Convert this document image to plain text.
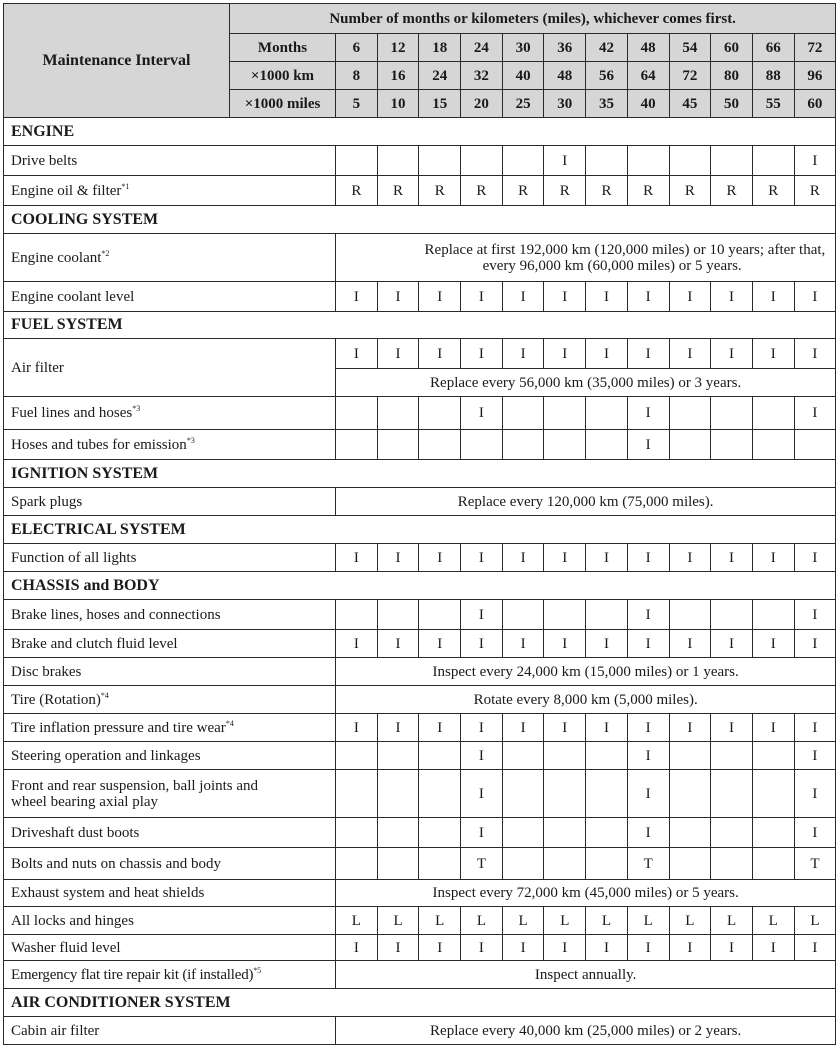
Maintenance Interval	Number of months or kilometers (miles), whichever comes first.												
	Months	6	12	18	24	30	36	42	48	54	60	66	72
	×1000 km	8	16	24	32	40	48	56	64	72	80	88	96
	×1000 miles	5	10	15	20	25	30	35	40	45	50	55	60
ENGINE													
Drive belts							I						I
Engine oil & filter$^{*1}$		R	R	R	R	R	R	R	R	R	R	R	R
COOLING SYSTEM													
Engine coolant$^{*2}$		Replace at first 192,000 km (120,000 miles) or 10 years; after that,
every 96,000 km (60,000 miles) or 5 years.											

Engine coolant level		I	I	I	I	I	I	I	I	I	I	I	I
FUEL SYSTEM													
Air filter		I	I	I	I	I	I	I	I	I	I	I	I
		Replace every 56,000 km (35,000 miles) or 3 years.											
Fuel lines and hoses$^{*3}$					I				I				I
Hoses and tubes for emission$^{*3}$									I				
IGNITION SYSTEM													
Spark plugs		Replace every 120,000 km (75,000 miles).											
ELECTRICAL SYSTEM													
Function of all lights		I	I	I	I	I	I	I	I	I	I	I	I
CHASSIS and BODY													
Brake lines, hoses and connections					I				I				I
Brake and clutch fluid level		I	I	I	I	I	I	I	I	I	I	I	I
Disc brakes		Inspect every 24,000 km (15,000 miles) or 1 years.											
Tire (Rotation)$^{*4}$		Rotate every 8,000 km (5,000 miles).											
Tire inflation pressure and tire wear$^{*4}$		I	I	I	I	I	I	I	I	I	I	I	I
Steering operation and linkages					I				I				I

Front and rear suspension, ball joints and
wheel bearing axial play					I				I				I
Driveshaft dust boots					I				I				I
Bolts and nuts on chassis and body					T				T				T
Exhaust system and heat shields		Inspect every 72,000 km (45,000 miles) or 5 years.											
All locks and hinges		L	L	L	L	L	L	L	L	L	L	L	L
Washer fluid level		I	I	I	I	I	I	I	I	I	I	I	I
Emergency flat tire repair kit (if installed)$^{*5}$		Inspect annually.											
AIR CONDITIONER SYSTEM													
Cabin air filter		Replace every 40,000 km (25,000 miles) or 2 years.											
